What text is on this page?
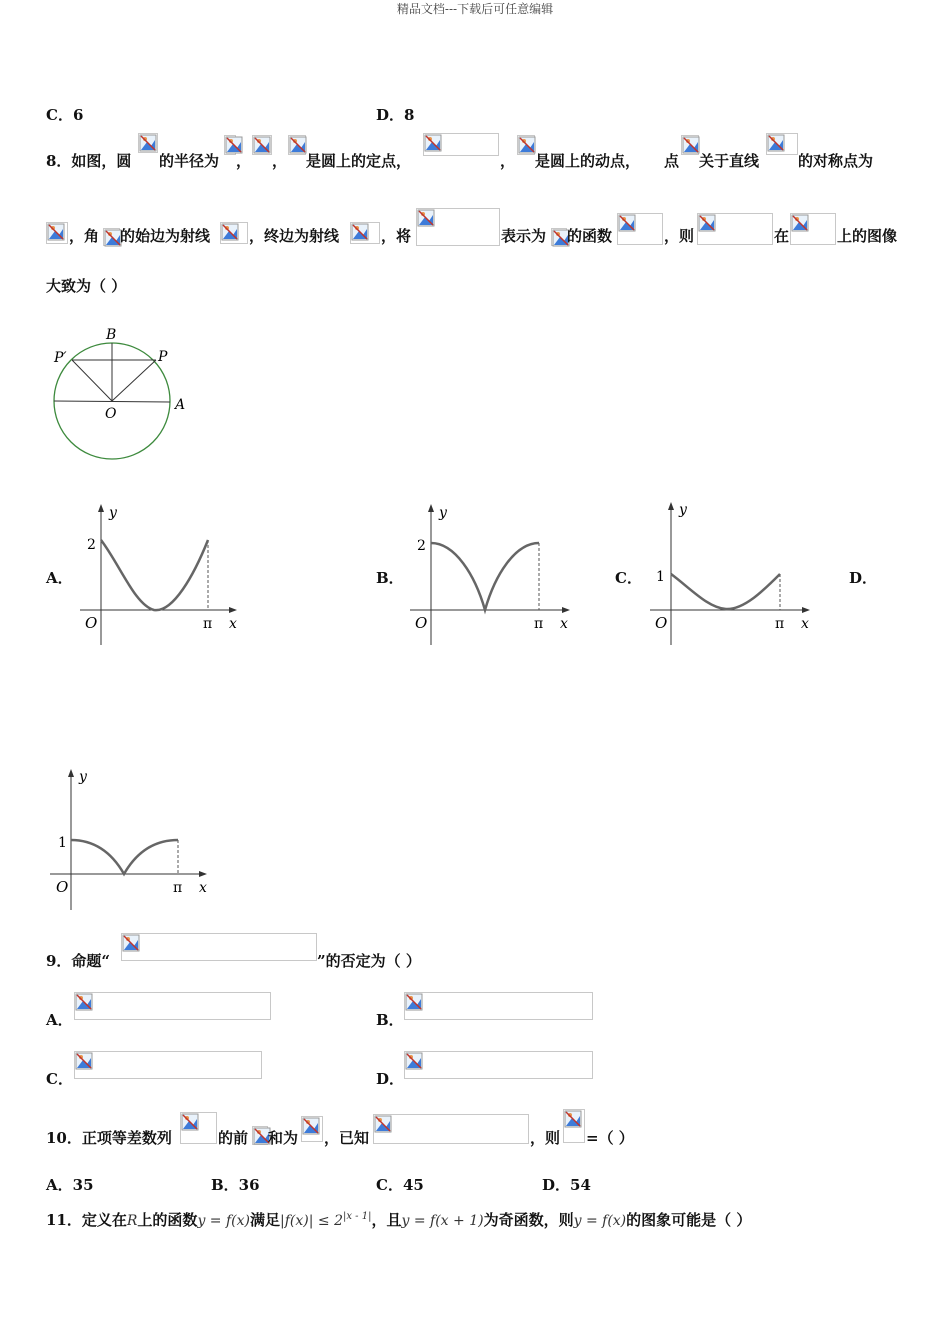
精品文档---下载后可任意编辑
C．6	D．8
8．如图，圆 的半径为 ， ， 是圆上的定点，	， 是圆上的动点， 点 关于直线	的对称点为
，角 的始边为射线	，终边为射线	，将	表示为 的函数	，则	在	上的图像
大致为（ ）
P′
B
P
O
A
A．	B．	C．	D．
y
2
O	π x
y
2
O	π x
y
1
O	π x
y
1
O	π x
9．命题“	”的否定为（ ）
A．	B．
C．	D．
10．正项等差数列	的前 和为 ，已知	，则 =（ ）
A．35	B．36	C．45	D．54
11．定义在R上的函数y = f(x)满足$|f(x)| \le 2^{|x - 1|}$，且y = f(x + 1)为奇函数，则y = f(x)的图象可能是（ ）
